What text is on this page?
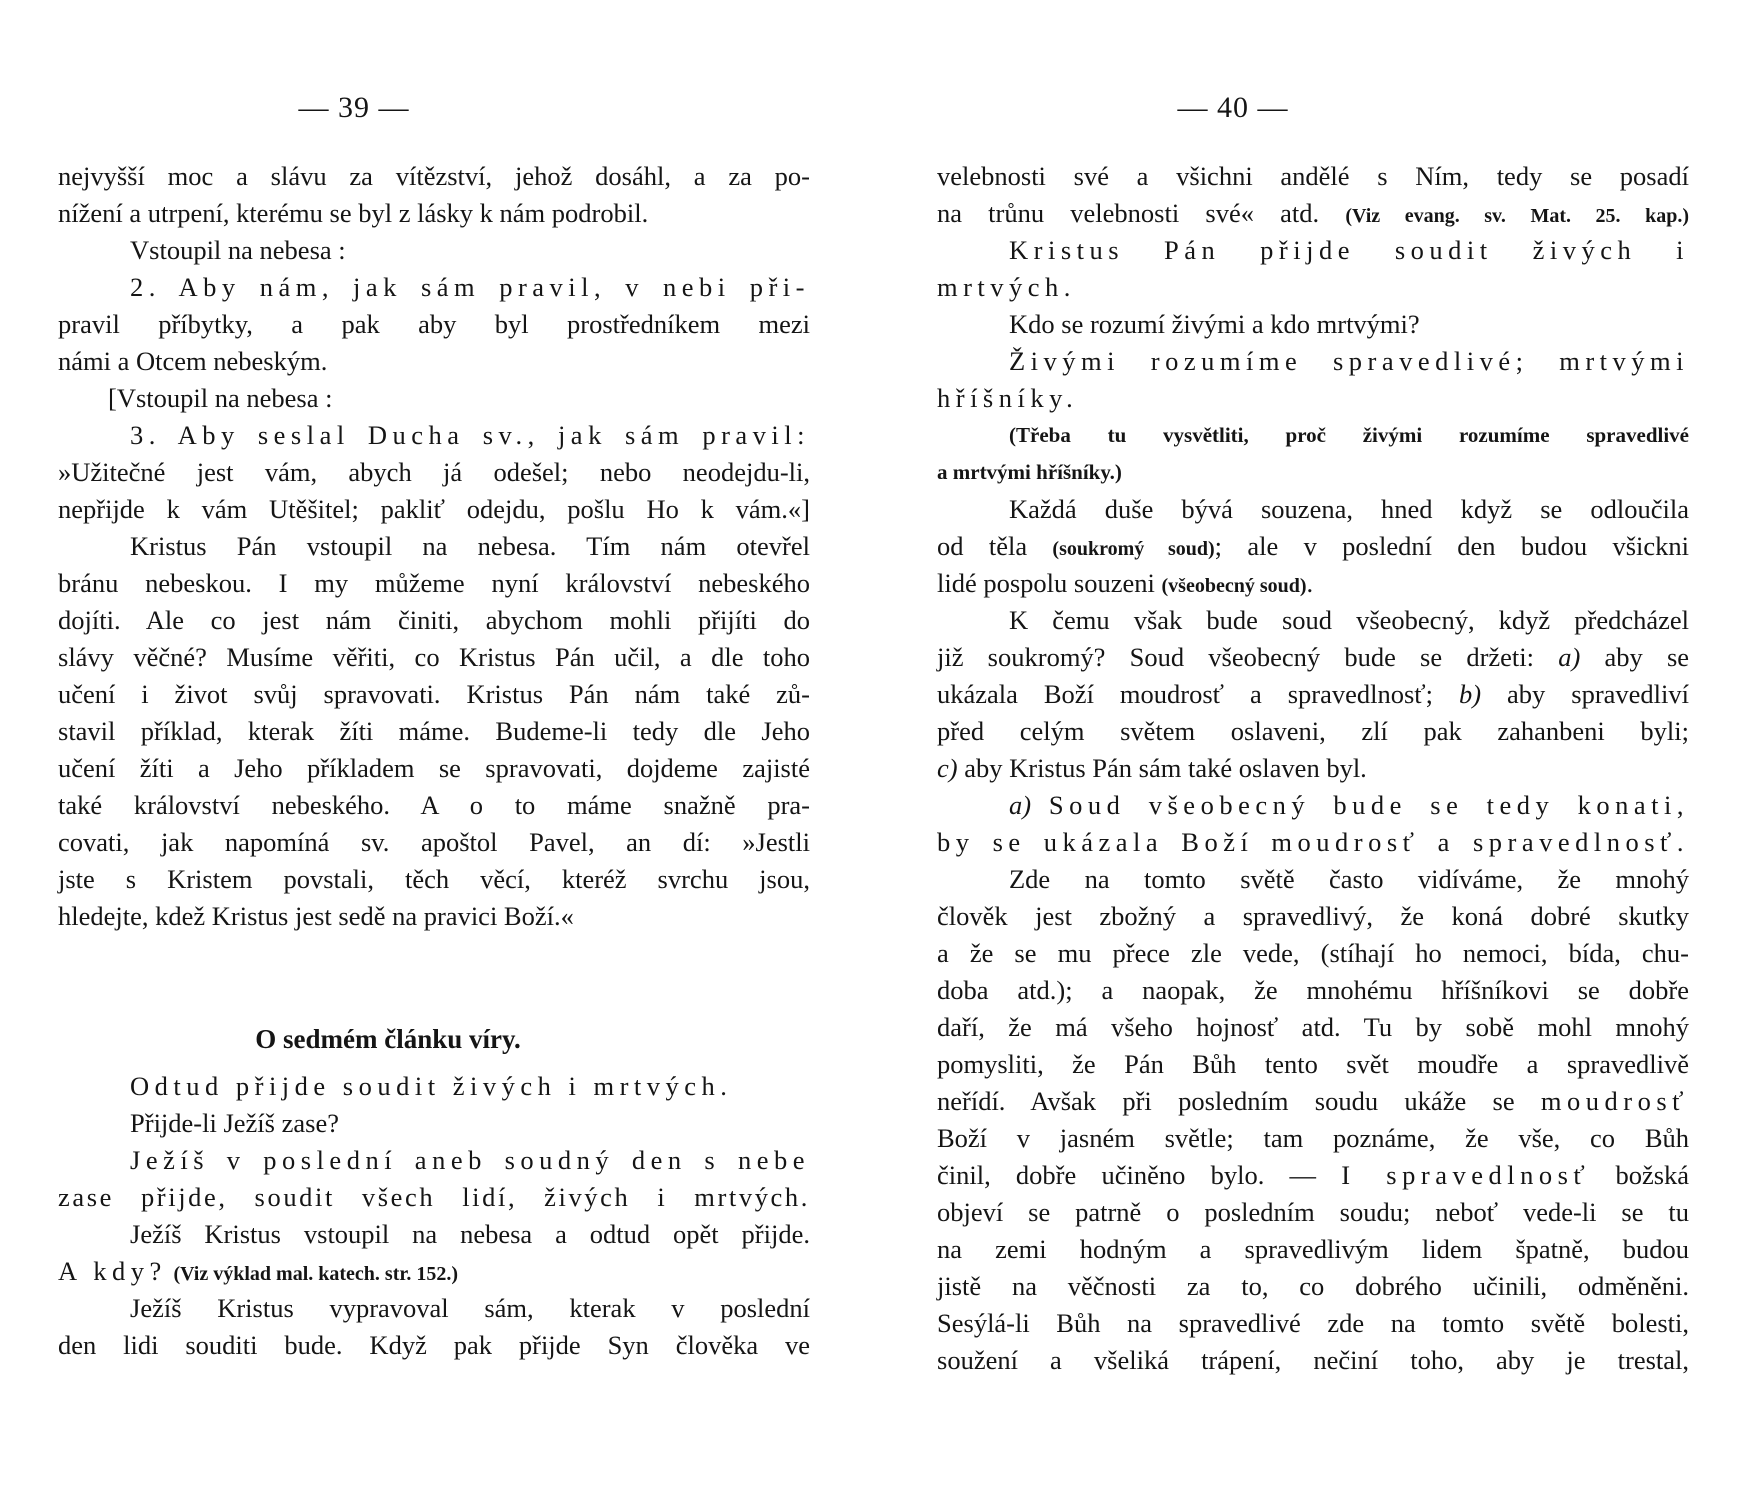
— 39 —
nejvyšší moc a slávu za vítězství, jehož dosáhl, a za po-
nížení a utrpení, kterému se byl z lásky k nám podrobil.
Vstoupil na nebesa :
2. Aby nám, jak sám pravil, v nebi při-
pravil příbytky, a pak aby byl prostředníkem mezi
námi a Otcem nebeským.
[Vstoupil na nebesa :
3. Aby seslal Ducha sv., jak sám pravil:
»Užitečné jest vám, abych já odešel; nebo neodejdu-li,
nepřijde k vám Utěšitel; pakliť odejdu, pošlu Ho k vám.«]
Kristus Pán vstoupil na nebesa. Tím nám otevřel
bránu nebeskou. I my můžeme nyní království nebeského
dojíti. Ale co jest nám činiti, abychom mohli přijíti do
slávy věčné? Musíme věřiti, co Kristus Pán učil, a dle toho
učení i život svůj spravovati. Kristus Pán nám také zů-
stavil příklad, kterak žíti máme. Budeme-li tedy dle Jeho
učení žíti a Jeho příkladem se spravovati, dojdeme zajisté
také království nebeského. A o to máme snažně pra-
covati, jak napomíná sv. apoštol Pavel, an dí: »Jestli
jste s Kristem povstali, těch věcí, kteréž svrchu jsou,
hledejte, kdež Kristus jest sedě na pravici Boží.«
O sedmém článku víry.
Odtud přijde soudit živých i mrtvých.
Přijde-li Ježíš zase?
Ježíš v poslední aneb soudný den s nebe
zase přijde, soudit všech lidí, živých i mrtvých.
Ježíš Kristus vstoupil na nebesa a odtud opět přijde.
A kdy? (Viz výklad mal. katech. str. 152.)
Ježíš Kristus vypravoval sám, kterak v poslední
den lidi souditi bude. Když pak přijde Syn člověka ve
— 40 —
velebnosti své a všichni andělé s Ním, tedy se posadí
na trůnu velebnosti své« atd. (Viz evang. sv. Mat. 25. kap.)
Kristus Pán přijde soudit živých i
mrtvých.
Kdo se rozumí živými a kdo mrtvými?
Živými rozumíme spravedlivé; mrtvými
hříšníky.
(Třeba tu vysvětliti, proč živými rozumíme spravedlivé
a mrtvými hříšníky.)
Každá duše bývá souzena, hned když se odloučila
od těla (soukromý soud); ale v poslední den budou všickni
lidé pospolu souzeni (všeobecný soud).
K čemu však bude soud všeobecný, když předcházel
již soukromý? Soud všeobecný bude se držeti: a) aby se
ukázala Boží moudrosť a spravedlnosť; b) aby spravedliví
před celým světem oslaveni, zlí pak zahanbeni byli;
c) aby Kristus Pán sám také oslaven byl.
a) Soud všeobecný bude se tedy konati,
by se ukázala Boží moudrosť a spravedlnosť.
Zde na tomto světě často vidíváme, že mnohý
člověk jest zbožný a spravedlivý, že koná dobré skutky
a že se mu přece zle vede, (stíhají ho nemoci, bída, chu-
doba atd.); a naopak, že mnohému hříšníkovi se dobře
daří, že má všeho hojnosť atd. Tu by sobě mohl mnohý
pomysliti, že Pán Bůh tento svět moudře a spravedlivě
neřídí. Avšak při posledním soudu ukáže se moudrosť
Boží v jasném světle; tam poznáme, že vše, co Bůh
činil, dobře učiněno bylo. — I spravedlnosť božská
objeví se patrně o posledním soudu; neboť vede-li se tu
na zemi hodným a spravedlivým lidem špatně, budou
jistě na věčnosti za to, co dobrého učinili, odměněni.
Sesýlá-li Bůh na spravedlivé zde na tomto světě bolesti,
soužení a všeliká trápení, nečiní toho, aby je trestal,
